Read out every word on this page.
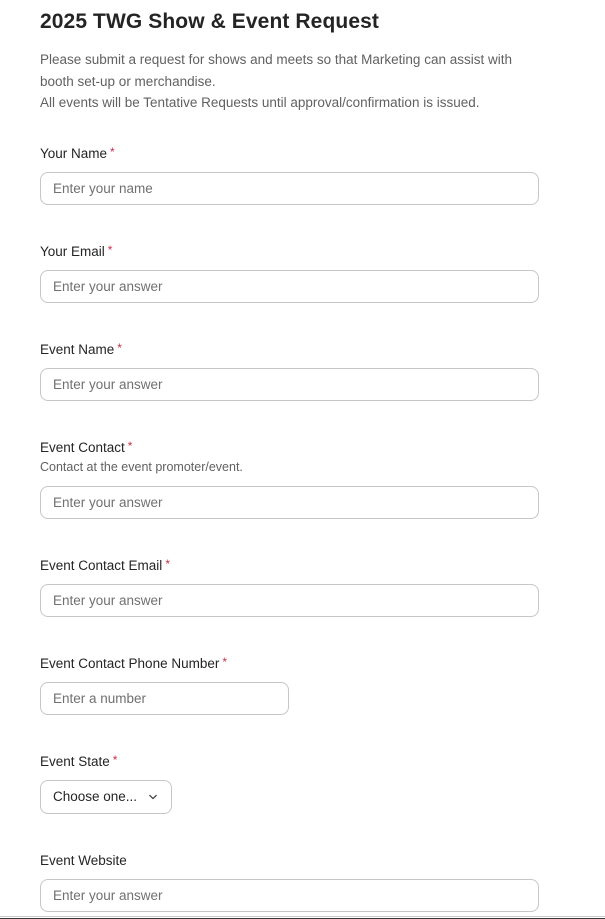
2025 TWG Show & Event Request

Please submit a request for shows and meets so that Marketing can assist with booth set-up or merchandise.

All events will be Tentative Requests until approval/confirmation is issued.

Your Name *
Enter your name
Your Email *
Enter your answer
Event Name *
Enter your answer
Event Contact *
Contact at the event promoter/event.
Enter your answer
Event Contact Email *
Enter your answer
Event Contact Phone Number *
Enter a number
Event State *
Choose one...
Event Website
Enter your answer
